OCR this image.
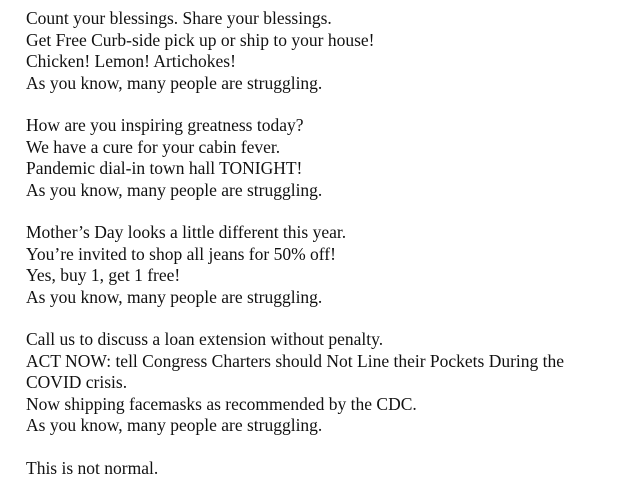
Count your blessings. Share your blessings.
Get Free Curb-side pick up or ship to your house!
Chicken! Lemon! Artichokes!
As you know, many people are struggling.
How are you inspiring greatness today?
We have a cure for your cabin fever.
Pandemic dial-in town hall TONIGHT!
As you know, many people are struggling.
Mother’s Day looks a little different this year.
You’re invited to shop all jeans for 50% off!
Yes, buy 1, get 1 free!
As you know, many people are struggling.
Call us to discuss a loan extension without penalty.
ACT NOW: tell Congress Charters should Not Line their Pockets During the COVID crisis.
Now shipping facemasks as recommended by the CDC.
As you know, many people are struggling.
This is not normal.
